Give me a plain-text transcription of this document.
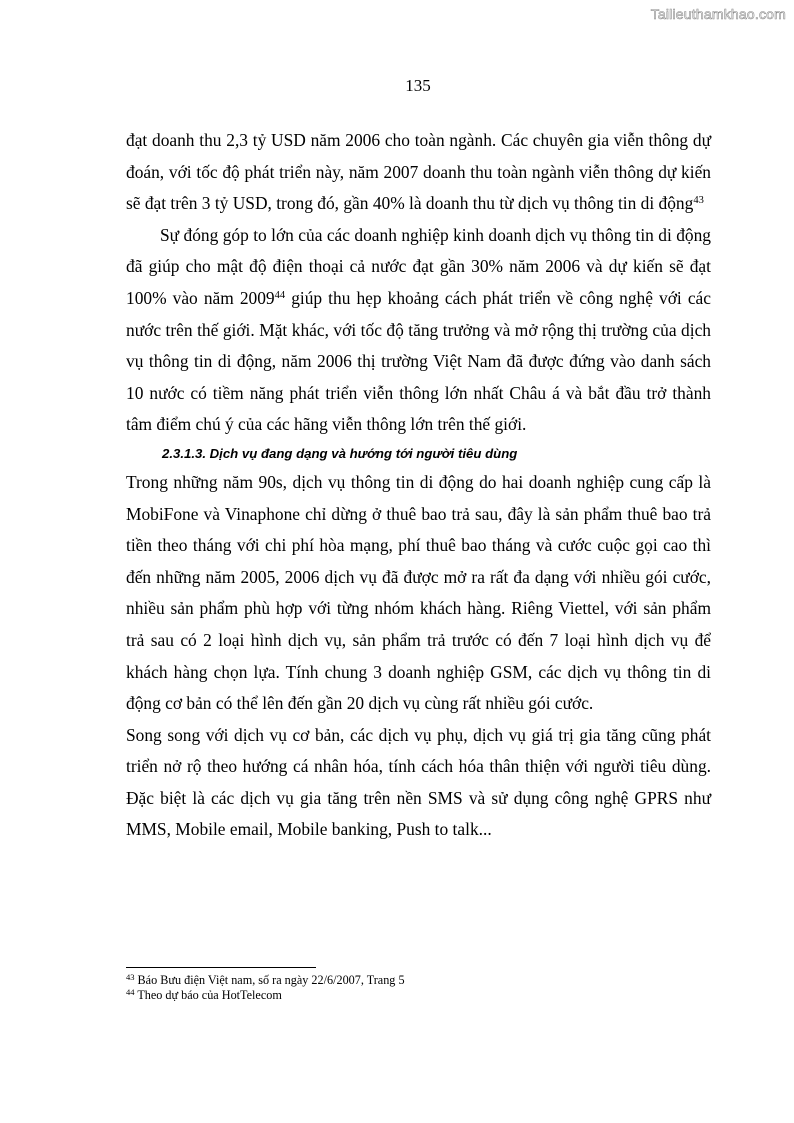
Tailieuthamkhao.com
135

đạt doanh thu 2,3 tỷ USD năm 2006 cho toàn ngành. Các chuyên gia viễn thông dự đoán, với tốc độ phát triển này, năm 2007 doanh thu toàn ngành viễn thông dự kiến sẽ đạt trên 3 tỷ USD, trong đó, gần 40% là doanh thu từ dịch vụ thông tin di động$^{43}$

Sự đóng góp to lớn của các doanh nghiệp kinh doanh dịch vụ thông tin di động đã giúp cho mật độ điện thoại cả nước đạt gần 30% năm 2006 và dự kiến sẽ đạt 100% vào năm 2009$^{44}$ giúp thu hẹp khoảng cách phát triển về công nghệ với các nước trên thế giới. Mặt khác, với tốc độ tăng trưởng và mở rộng thị trường của dịch vụ thông tin di động, năm 2006 thị trường Việt Nam đã được đứng vào danh sách 10 nước có tiềm năng phát triển viễn thông lớn nhất Châu á và bắt đầu trở thành tâm điểm chú ý của các hãng viễn thông lớn trên thế giới.

2.3.1.3. Dịch vụ đang dạng và hướng tới người tiêu dùng

Trong những năm 90s, dịch vụ thông tin di động do hai doanh nghiệp cung cấp là MobiFone và Vinaphone chỉ dừng ở thuê bao trả sau, đây là sản phẩm thuê bao trả tiền theo tháng với chi phí hòa mạng, phí thuê bao tháng và cước cuộc gọi cao thì đến những năm 2005, 2006 dịch vụ đã được mở ra rất đa dạng với nhiều gói cước, nhiều sản phẩm phù hợp với từng nhóm khách hàng. Riêng Viettel, với sản phẩm trả sau có 2 loại hình dịch vụ, sản phẩm trả trước có đến 7 loại hình dịch vụ để khách hàng chọn lựa. Tính chung 3 doanh nghiệp GSM, các dịch vụ thông tin di động cơ bản có thể lên đến gần 20 dịch vụ cùng rất nhiều gói cước.

Song song với dịch vụ cơ bản, các dịch vụ phụ, dịch vụ giá trị gia tăng cũng phát triển nở rộ theo hướng cá nhân hóa, tính cách hóa thân thiện với người tiêu dùng. Đặc biệt là các dịch vụ gia tăng trên nền SMS và sử dụng công nghệ GPRS như MMS, Mobile email, Mobile banking, Push to talk...

$^{43}$ Báo Bưu điện Việt nam, số ra ngày 22/6/2007, Trang 5

$^{44}$ Theo dự báo của HotTelecom
